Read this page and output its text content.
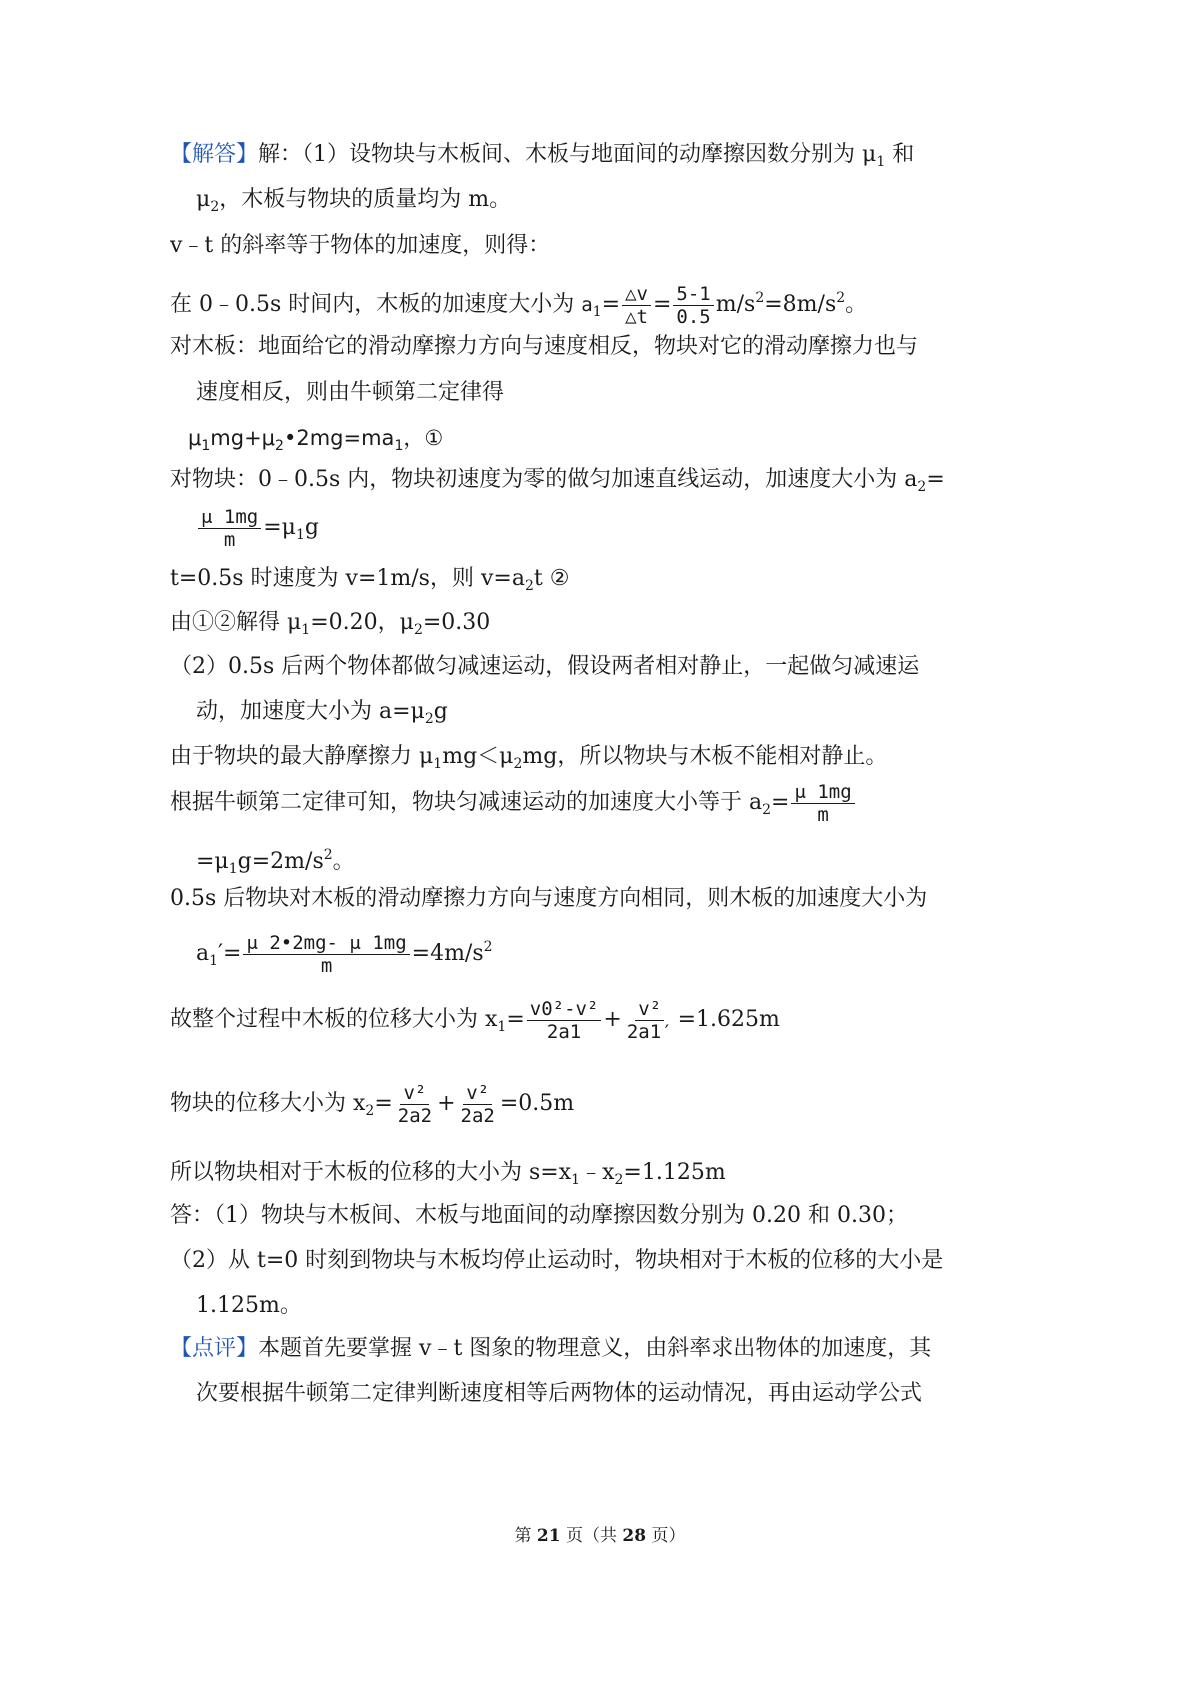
【解答】解：（1）设物块与木板间、木板与地面间的动摩擦因数分别为 $\mu_1$ 和
$\mu_2$，木板与物块的质量均为 m。
v﹣t 的斜率等于物体的加速度，则得：
在 0﹣0.5s 时间内，木板的加速度大小为 $a_1= \frac{\triangle v}{\triangle t} = \frac{5-1}{0.5} m/s^2=8m/s^2$。
对木板：地面给它的滑动摩擦力方向与速度相反，物块对它的滑动摩擦力也与
速度相反，则由牛顿第二定律得
$\mu_1mg+\mu_2•2mg=ma_1$，①
对物块：0﹣0.5s 内，物块初速度为零的做匀加速直线运动，加速度大小为 $a_2=$
$\frac{\mu 1mg}{m} =\mu_1g$
t=0.5s 时速度为 v=1m/s，则 $v=a_2t$ ②
由①②解得 $\mu_1=0.20$，$\mu_2=0.30$
（2）0.5s 后两个物体都做匀减速运动，假设两者相对静止，一起做匀减速运
动，加速度大小为 $a=\mu_2g$
由于物块的最大静摩擦力 $\mu_1mg<\mu_2mg$，所以物块与木板不能相对静止。
根据牛顿第二定律可知，物块匀减速运动的加速度大小等于 $a_2= \frac{\mu 1mg}{m}$
$=\mu_1g=2m/s^2$。
0.5s 后物块对木板的滑动摩擦力方向与速度方向相同，则木板的加速度大小为
$a_1'= \frac{\mu 2•2mg- \mu 1mg}{m} =4m/s^2$
故整个过程中木板的位移大小为 $x_1= \frac{\text{v0²-v²}}{2a1} + \frac{\text{v²}}{2a1'} =1.625m$
物块的位移大小为 $x_2= \frac{\text{v²}}{2a2} + \frac{\text{v²}}{2a2} =0.5m$
所以物块相对于木板的位移的大小为 $s=x_1﹣x_2=1.125m$
答：（1）物块与木板间、木板与地面间的动摩擦因数分别为 0.20 和 0.30；
（2）从 t=0 时刻到物块与木板均停止运动时，物块相对于木板的位移的大小是
1.125m。
【点评】本题首先要掌握 v﹣t 图象的物理意义，由斜率求出物体的加速度，其
次要根据牛顿第二定律判断速度相等后两物体的运动情况，再由运动学公式
第 21 页（共 28 页）
